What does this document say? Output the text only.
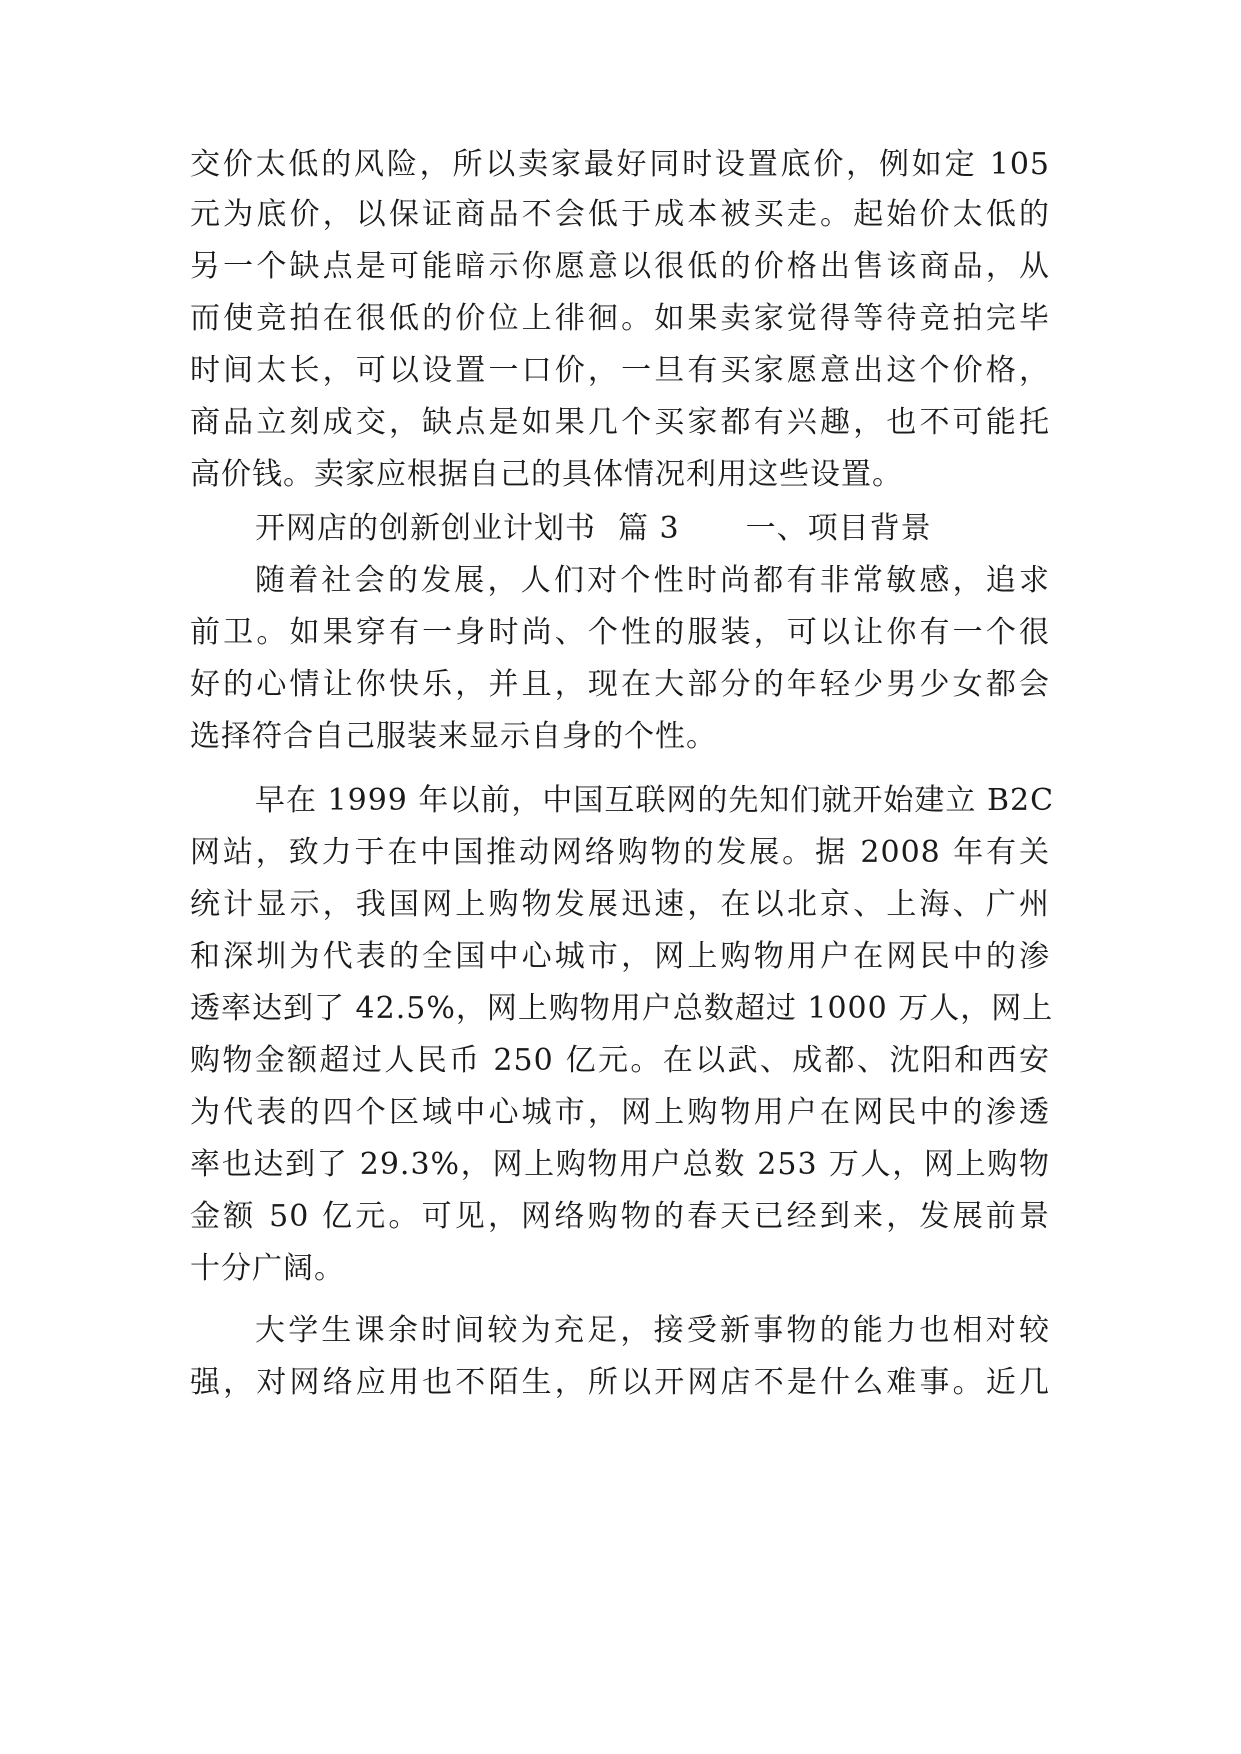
交价太低的风险，所以卖家最好同时设置底价，例如定 105
元为底价，以保证商品不会低于成本被买走。起始价太低的
另一个缺点是可能暗示你愿意以很低的价格出售该商品，从
而使竞拍在很低的价位上徘徊。如果卖家觉得等待竞拍完毕
时间太长，可以设置一口价，一旦有买家愿意出这个价格，
商品立刻成交，缺点是如果几个买家都有兴趣，也不可能托
高价钱。卖家应根据自己的具体情况利用这些设置。
开网店的创新创业计划书 篇 3 一、项目背景
随着社会的发展，人们对个性时尚都有非常敏感，追求
前卫。如果穿有一身时尚、个性的服装，可以让你有一个很
好的心情让你快乐，并且，现在大部分的年轻少男少女都会
选择符合自己服装来显示自身的个性。
早在 1999 年以前，中国互联网的先知们就开始建立 B2C
网站，致力于在中国推动网络购物的发展。据 2008 年有关
统计显示，我国网上购物发展迅速，在以北京、上海、广州
和深圳为代表的全国中心城市，网上购物用户在网民中的渗
透率达到了 42.5%，网上购物用户总数超过 1000 万人，网上
购物金额超过人民币 250 亿元。在以武、成都、沈阳和西安
为代表的四个区域中心城市，网上购物用户在网民中的渗透
率也达到了 29.3%，网上购物用户总数 253 万人，网上购物
金额 50 亿元。可见，网络购物的春天已经到来，发展前景
十分广阔。
大学生课余时间较为充足，接受新事物的能力也相对较
强，对网络应用也不陌生，所以开网店不是什么难事。近几
